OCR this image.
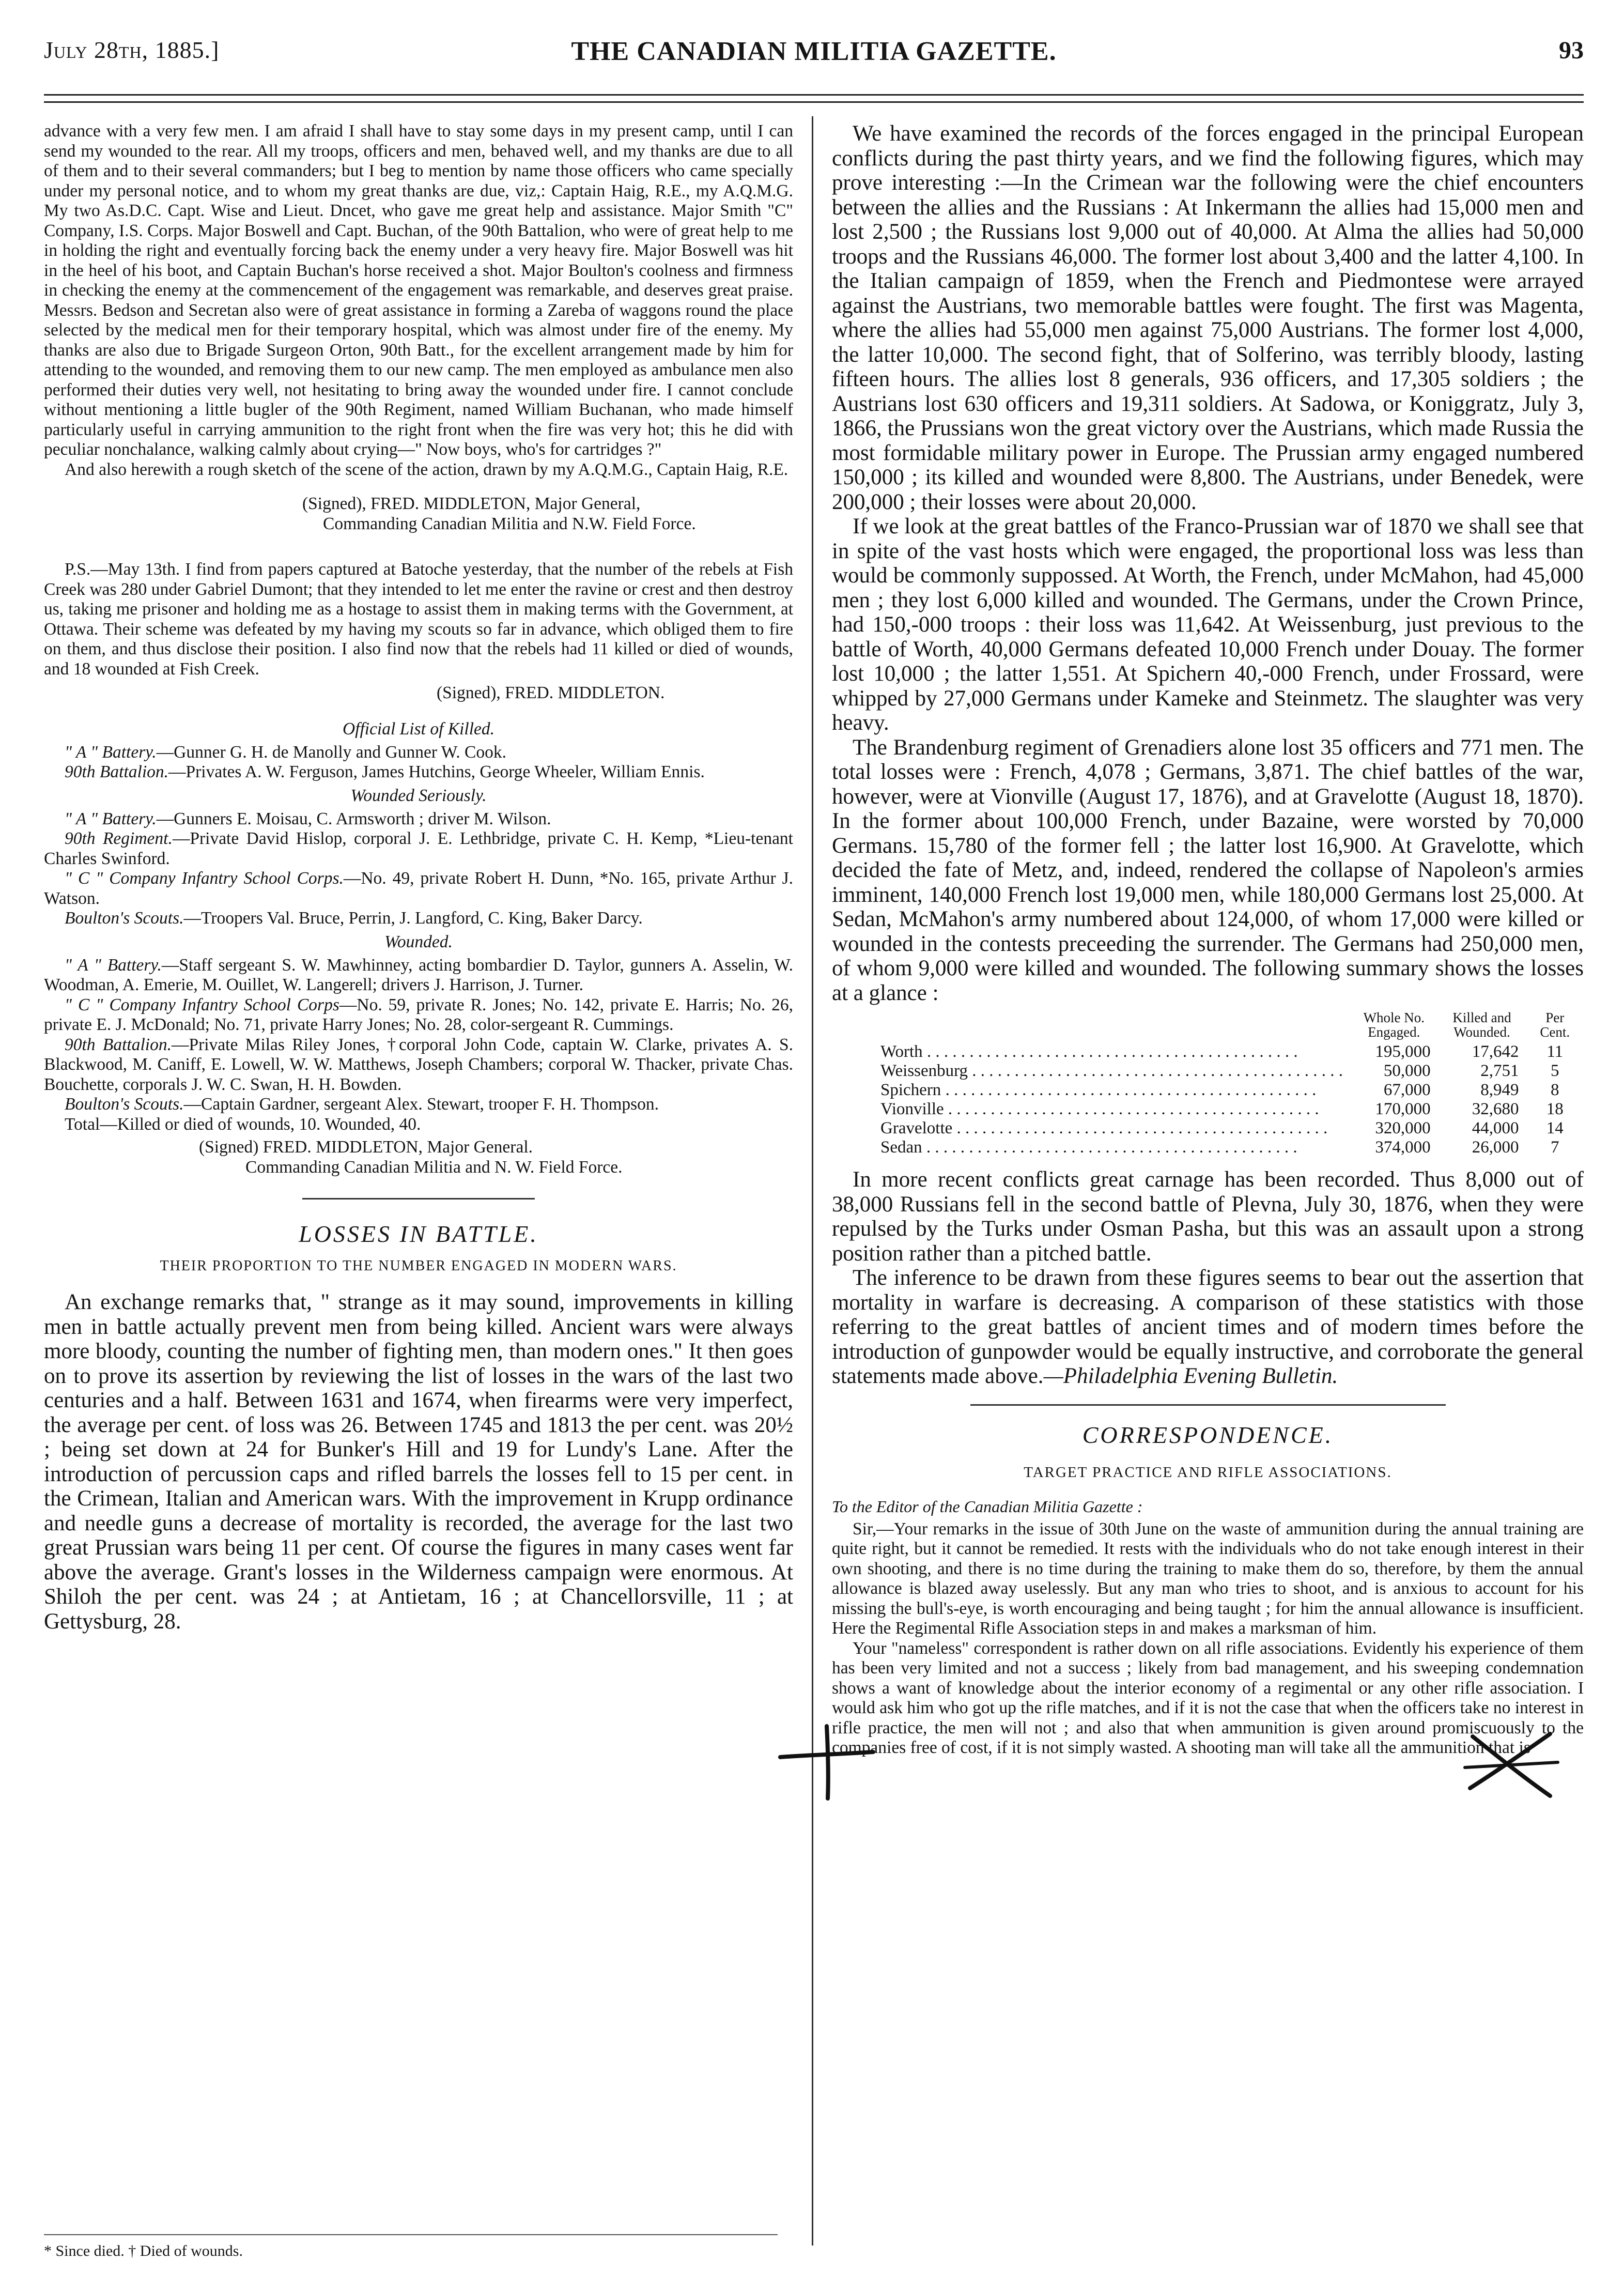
July 28th, 1885.]	THE CANADIAN MILITIA GAZETTE.	93

advance with a very few men. I am afraid I shall have to stay some days in my present camp, until I can send my wounded to the rear. All my troops, officers and men, behaved well, and my thanks are due to all of them and to their several commanders; but I beg to mention by name those officers who came specially under my personal notice, and to whom my great thanks are due, viz,: Captain Haig, R.E., my A.Q.M.G. My two As.D.C. Capt. Wise and Lieut. Dncet, who gave me great help and assistance. Major Smith "C" Company, I.S. Corps. Major Boswell and Capt. Buchan, of the 90th Battalion, who were of great help to me in holding the right and eventually forcing back the enemy under a very heavy fire. Major Boswell was hit in the heel of his boot, and Captain Buchan's horse received a shot. Major Boulton's coolness and firmness in checking the enemy at the commencement of the engagement was remarkable, and deserves great praise. Messrs. Bedson and Secretan also were of great assistance in forming a Zareba of waggons round the place selected by the medical men for their temporary hospital, which was almost under fire of the enemy. My thanks are also due to Brigade Surgeon Orton, 90th Batt., for the excellent arrangement made by him for attending to the wounded, and removing them to our new camp. The men employed as ambulance men also performed their duties very well, not hesitating to bring away the wounded under fire. I cannot conclude without mentioning a little bugler of the 90th Regiment, named William Buchanan, who made himself particularly useful in carrying ammunition to the right front when the fire was very hot; this he did with peculiar nonchalance, walking calmly about crying—" Now boys, who's for cartridges ?"

And also herewith a rough sketch of the scene of the action, drawn by my A.Q.M.G., Captain Haig, R.E.

(Signed), FRED. MIDDLETON, Major General,

Commanding Canadian Militia and N.W. Field Force.

P.S.—May 13th. I find from papers captured at Batoche yesterday, that the number of the rebels at Fish Creek was 280 under Gabriel Dumont; that they intended to let me enter the ravine or crest and then destroy us, taking me prisoner and holding me as a hostage to assist them in making terms with the Government, at Ottawa. Their scheme was defeated by my having my scouts so far in advance, which obliged them to fire on them, and thus disclose their position. I also find now that the rebels had 11 killed or died of wounds, and 18 wounded at Fish Creek.

(Signed), FRED. MIDDLETON.

Official List of Killed.

" A " Battery.—Gunner G. H. de Manolly and Gunner W. Cook.

90th Battalion.—Privates A. W. Ferguson, James Hutchins, George Wheeler, William Ennis.

Wounded Seriously.

" A " Battery.—Gunners E. Moisau, C. Armsworth ; driver M. Wilson.

90th Regiment.—Private David Hislop, corporal J. E. Lethbridge, private C. H. Kemp, *Lieu-tenant Charles Swinford.

" C " Company Infantry School Corps.—No. 49, private Robert H. Dunn, *No. 165, private Arthur J. Watson.

Boulton's Scouts.—Troopers Val. Bruce, Perrin, J. Langford, C. King, Baker Darcy.

Wounded.

" A " Battery.—Staff sergeant S. W. Mawhinney, acting bombardier D. Taylor, gunners A. Asselin, W. Woodman, A. Emerie, M. Ouillet, W. Langerell; drivers J. Harrison, J. Turner.

" C " Company Infantry School Corps—No. 59, private R. Jones; No. 142, private E. Harris; No. 26, private E. J. McDonald; No. 71, private Harry Jones; No. 28, color-sergeant R. Cummings.

90th Battalion.—Private Milas Riley Jones, †corporal John Code, captain W. Clarke, privates A. S. Blackwood, M. Caniff, E. Lowell, W. W. Matthews, Joseph Chambers; corporal W. Thacker, private Chas. Bouchette, corporals J. W. C. Swan, H. H. Bowden.

Boulton's Scouts.—Captain Gardner, sergeant Alex. Stewart, trooper F. H. Thompson.

Total—Killed or died of wounds, 10. Wounded, 40.

(Signed) FRED. MIDDLETON, Major General.

Commanding Canadian Militia and N. W. Field Force.

LOSSES IN BATTLE.

THEIR PROPORTION TO THE NUMBER ENGAGED IN MODERN WARS.

An exchange remarks that, " strange as it may sound, improvements in killing men in battle actually prevent men from being killed. Ancient wars were always more bloody, counting the number of fighting men, than modern ones." It then goes on to prove its assertion by reviewing the list of losses in the wars of the last two centuries and a half. Between 1631 and 1674, when firearms were very imperfect, the average per cent. of loss was 26. Between 1745 and 1813 the per cent. was 20½ ; being set down at 24 for Bunker's Hill and 19 for Lundy's Lane. After the introduction of percussion caps and rifled barrels the losses fell to 15 per cent. in the Crimean, Italian and American wars. With the improvement in Krupp ordinance and needle guns a decrease of mortality is recorded, the average for the last two great Prussian wars being 11 per cent. Of course the figures in many cases went far above the average. Grant's losses in the Wilderness campaign were enormous. At Shiloh the per cent. was 24 ; at Antietam, 16 ; at Chancellorsville, 11 ; at Gettysburg, 28.

* Since died. † Died of wounds.

We have examined the records of the forces engaged in the principal European conflicts during the past thirty years, and we find the following figures, which may prove interesting :—In the Crimean war the following were the chief encounters between the allies and the Russians : At Inkermann the allies had 15,000 men and lost 2,500 ; the Russians lost 9,000 out of 40,000. At Alma the allies had 50,000 troops and the Russians 46,000. The former lost about 3,400 and the latter 4,100. In the Italian campaign of 1859, when the French and Piedmontese were arrayed against the Austrians, two memorable battles were fought. The first was Magenta, where the allies had 55,000 men against 75,000 Austrians. The former lost 4,000, the latter 10,000. The second fight, that of Solferino, was terribly bloody, lasting fifteen hours. The allies lost 8 generals, 936 officers, and 17,305 soldiers ; the Austrians lost 630 officers and 19,311 soldiers. At Sadowa, or Koniggratz, July 3, 1866, the Prussians won the great victory over the Austrians, which made Russia the most formidable military power in Europe. The Prussian army engaged numbered 150,000 ; its killed and wounded were 8,800. The Austrians, under Benedek, were 200,000 ; their losses were about 20,000.

If we look at the great battles of the Franco-Prussian war of 1870 we shall see that in spite of the vast hosts which were engaged, the proportional loss was less than would be commonly suppossed. At Worth, the French, under McMahon, had 45,000 men ; they lost 6,000 killed and wounded. The Germans, under the Crown Prince, had 150,-000 troops : their loss was 11,642. At Weissenburg, just previous to the battle of Worth, 40,000 Germans defeated 10,000 French under Douay. The former lost 10,000 ; the latter 1,551. At Spichern 40,-000 French, under Frossard, were whipped by 27,000 Germans under Kameke and Steinmetz. The slaughter was very heavy.

The Brandenburg regiment of Grenadiers alone lost 35 officers and 771 men. The total losses were : French, 4,078 ; Germans, 3,871. The chief battles of the war, however, were at Vionville (August 17, 1876), and at Gravelotte (August 18, 1870). In the former about 100,000 French, under Bazaine, were worsted by 70,000 Germans. 15,780 of the former fell ; the latter lost 16,900. At Gravelotte, which decided the fate of Metz, and, indeed, rendered the collapse of Napoleon's armies imminent, 140,000 French lost 19,000 men, while 180,000 Germans lost 25,000. At Sedan, McMahon's army numbered about 124,000, of whom 17,000 were killed or wounded in the contests preceeding the surrender. The Germans had 250,000 men, of whom 9,000 were killed and wounded. The following summary shows the losses at a glance :

	Whole No. Engaged.	Killed and Wounded.	Per Cent.
Worth . . .	195,000	17,642	11
Weissenburg . . .	50,000	2,751	5
Spichern . . .	67,000	8,949	8
Vionville . . .	170,000	32,680	18
Gravelotte . . .	320,000	44,000	14
Sedan . . .	374,000	26,000	7

In more recent conflicts great carnage has been recorded. Thus 8,000 out of 38,000 Russians fell in the second battle of Plevna, July 30, 1876, when they were repulsed by the Turks under Osman Pasha, but this was an assault upon a strong position rather than a pitched battle.

The inference to be drawn from these figures seems to bear out the assertion that mortality in warfare is decreasing. A comparison of these statistics with those referring to the great battles of ancient times and of modern times before the introduction of gunpowder would be equally instructive, and corroborate the general statements made above.—Philadelphia Evening Bulletin.

CORRESPONDENCE.

TARGET PRACTICE AND RIFLE ASSOCIATIONS.

To the Editor of the Canadian Militia Gazette :

Sir,—Your remarks in the issue of 30th June on the waste of ammunition during the annual training are quite right, but it cannot be remedied. It rests with the individuals who do not take enough interest in their own shooting, and there is no time during the training to make them do so, therefore, by them the annual allowance is blazed away uselessly. But any man who tries to shoot, and is anxious to account for his missing the bull's-eye, is worth encouraging and being taught ; for him the annual allowance is insufficient. Here the Regimental Rifle Association steps in and makes a marksman of him.

Your "nameless" correspondent is rather down on all rifle associations. Evidently his experience of them has been very limited and not a success ; likely from bad management, and his sweeping condemnation shows a want of knowledge about the interior economy of a regimental or any other rifle association. I would ask him who got up the rifle matches, and if it is not the case that when the officers take no interest in rifle practice, the men will not ; and also that when ammunition is given around promiscuously to the companies free of cost, if it is not simply wasted. A shooting man will take all the ammunition that is
